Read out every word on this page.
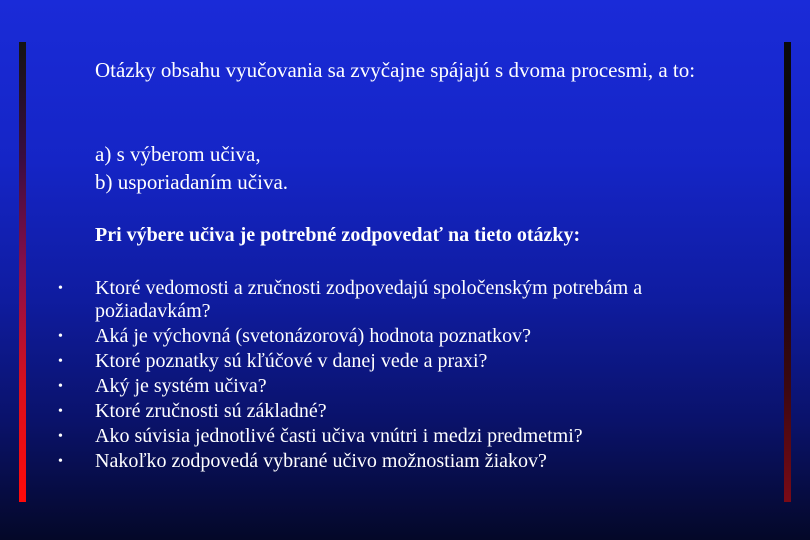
Otázky obsahu vyučovania sa zvyčajne spájajú s dvoma procesmi, a to:

a) s výberom učiva,
b) usporiadaním učiva.

Pri výbere učiva je potrebné zodpovedať na tieto otázky:

• Ktoré vedomosti a zručnosti zodpovedajú spoločenským potrebám a požiadavkám?
• Aká je výchovná (svetonázorová) hodnota poznatkov?
• Ktoré poznatky sú kľúčové v danej vede a praxi?
• Aký je systém učiva?
• Ktoré zručnosti sú základné?
• Ako súvisia jednotlivé časti učiva vnútri i medzi predmetmi?
• Nakoľko zodpovedá vybrané učivo možnostiam žiakov?
